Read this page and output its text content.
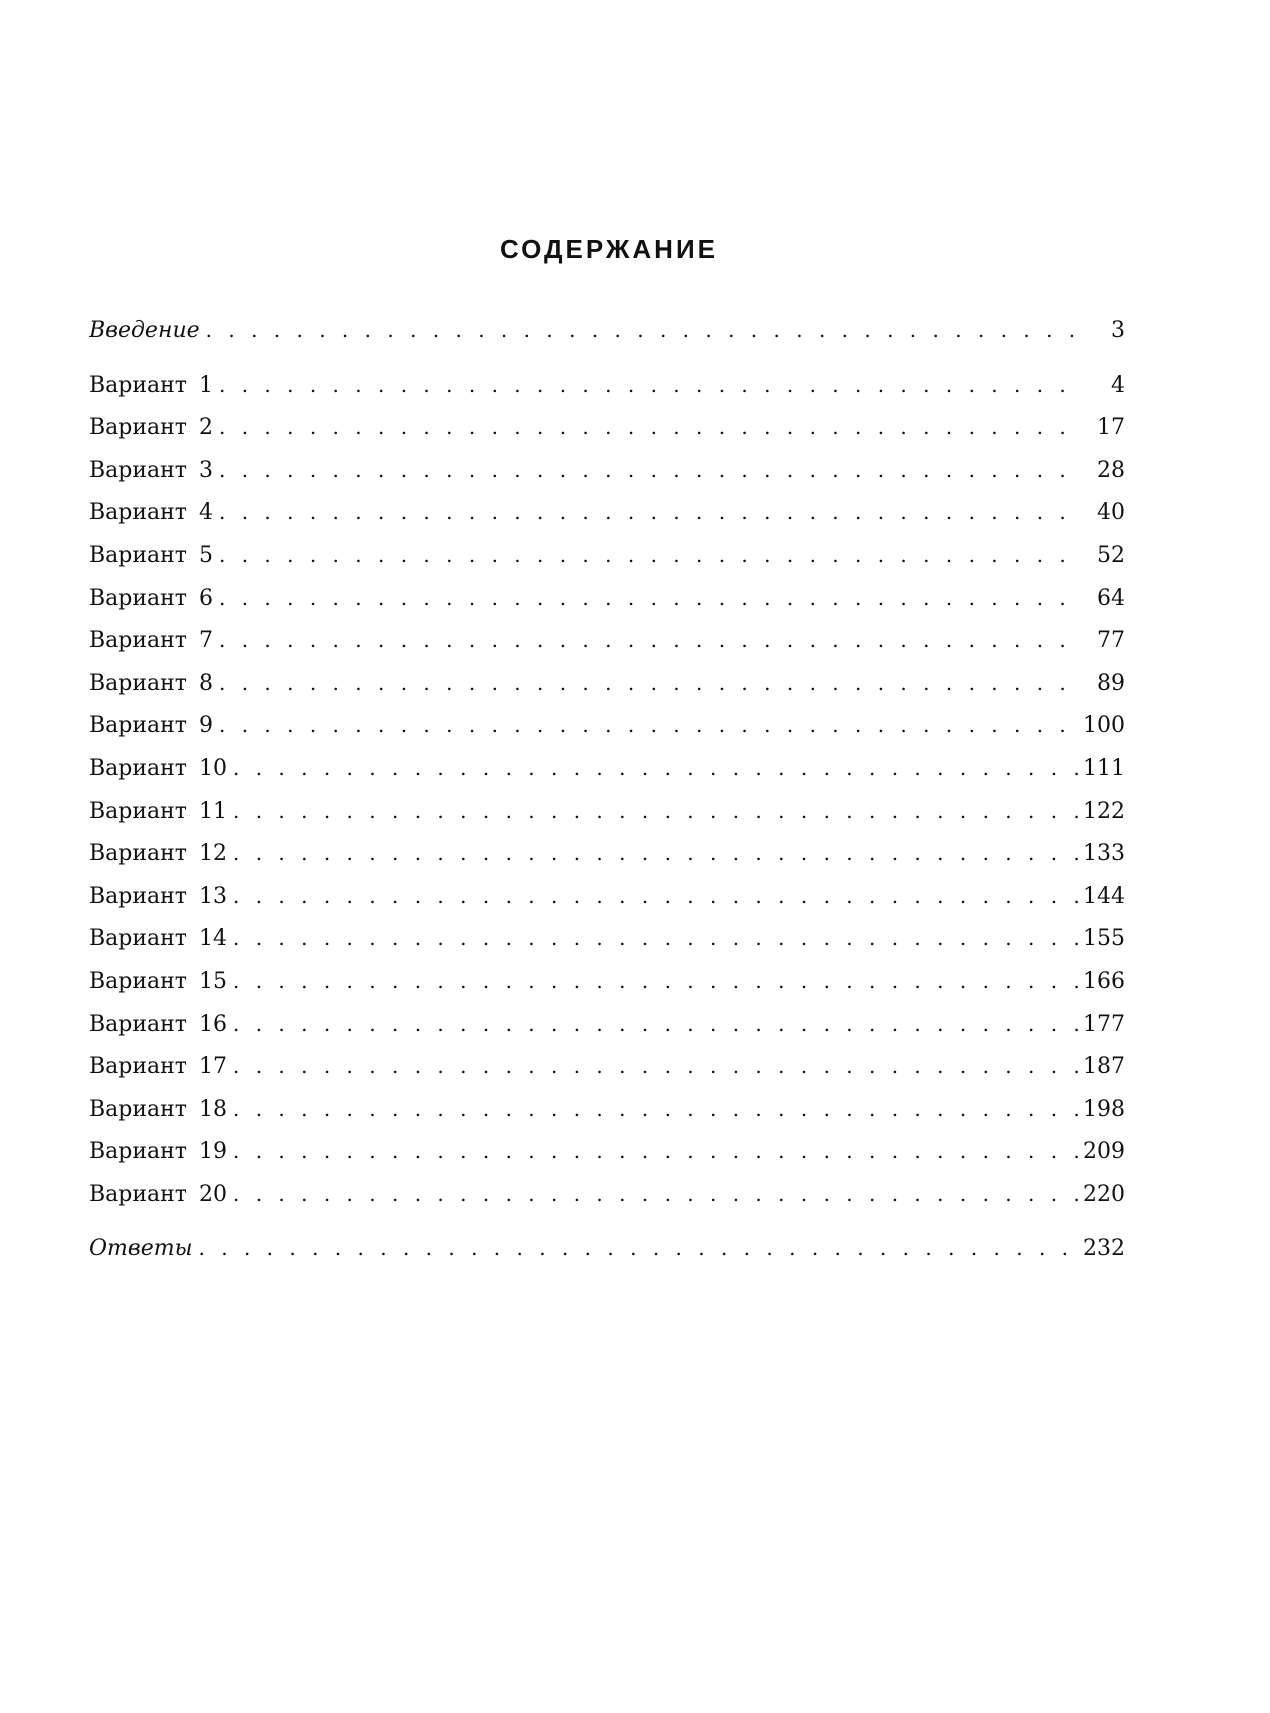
СОДЕРЖАНИЕ
Введение . . .	3
Вариант 1 . . .	4
Вариант 2 . . .	17
Вариант 3 . . .	28
Вариант 4 . . .	40
Вариант 5 . . .	52
Вариант 6 . . .	64
Вариант 7 . . .	77
Вариант 8 . . .	89
Вариант 9 . . .	100
Вариант 10 . . .	111
Вариант 11 . . .	122
Вариант 12 . . .	133
Вариант 13 . . .	144
Вариант 14 . . .	155
Вариант 15 . . .	166
Вариант 16 . . .	177
Вариант 17 . . .	187
Вариант 18 . . .	198
Вариант 19 . . .	209
Вариант 20 . . .	220
Ответы . . .	232
